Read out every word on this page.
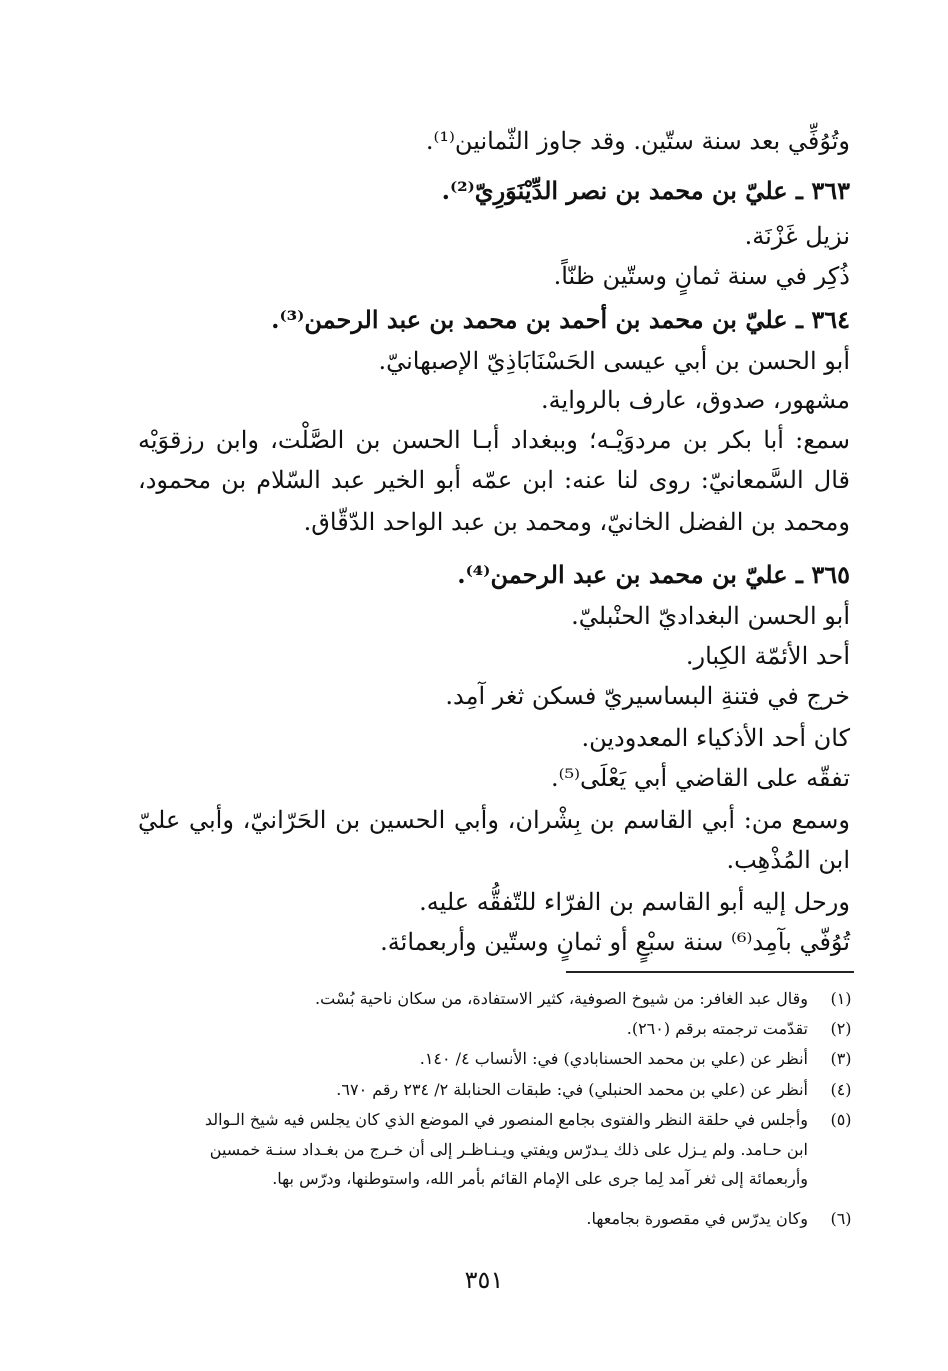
وتُوُفِّي بعد سنة ستّين. وقد جاوز الثّمانين⁽¹⁾.
٣٦٣ ـ عليّ بن محمد بن نصر الدِّيْنَوَرِيّ⁽²⁾.
نزيل غَزْنَة.
ذُكِر في سنة ثمانٍ وستّين ظنّاً.
٣٦٤ ـ عليّ بن محمد بن أحمد بن محمد بن عبد الرحمن⁽³⁾.
أبو الحسن بن أبي عيسى الحَسْنَابَاذِيّ الإصبهانيّ.
مشهور، صدوق، عارف بالرواية.
سمع: أبا بكر بن مردوَيْـه؛ وببغداد أبـا الحسن بن الصَّلْت، وابن رزقوَيْه
قال السَّمعانيّ: روى لنا عنه: ابن عمّه أبو الخير عبد السّلام بن محمود،
ومحمد بن الفضل الخانيّ، ومحمد بن عبد الواحد الدّقّاق.
٣٦٥ ـ عليّ بن محمد بن عبد الرحمن⁽⁴⁾.
أبو الحسن البغداديّ الحنْبليّ.
أحد الأئمّة الكِبار.
خرج في فتنةِ البساسيريّ فسكن ثغر آمِد.
كان أحد الأذكياء المعدودين.
تفقّه على القاضي أبي يَعْلَى⁽⁵⁾.
وسمع من: أبي القاسم بن بِشْران، وأبي الحسين بن الحَرّانيّ، وأبي عليّ
ابن المُذْهِب.
ورحل إليه أبو القاسم بن الفرّاء للتّفقُّه عليه.
تُوُفّي بآمِد⁽⁶⁾ سنة سبْعٍ أو ثمانٍ وستّين وأربعمائة.
(١)
وقال عبد الغافر: من شيوخ الصوفية، كثير الاستفادة، من سكان ناحية بُسْت.
(٢)
تقدّمت ترجمته برقم (٢٦٠).
(٣)
أنظر عن (علي بن محمد الحسنابادي) في: الأنساب ٤/ ١٤٠.
(٤)
أنظر عن (علي بن محمد الحنبلي) في: طبقات الحنابلة ٢/ ٢٣٤ رقم ٦٧٠.
(٥)
وأجلس في حلقة النظر والفتوى بجامع المنصور في الموضع الذي كان يجلس فيه شيخ الـوالد
ابن حـامد. ولم يـزل على ذلك يـدرّس ويفتي ويـنـاظـر إلى أن خـرج من بغـداد سنـة خمسين
وأربعمائة إلى ثغر آمد لِما جرى على الإمام القائم بأمر الله، واستوطنها، ودرّس بها.
(٦)
وكان يدرّس في مقصورة بجامعها.
٣٥١
